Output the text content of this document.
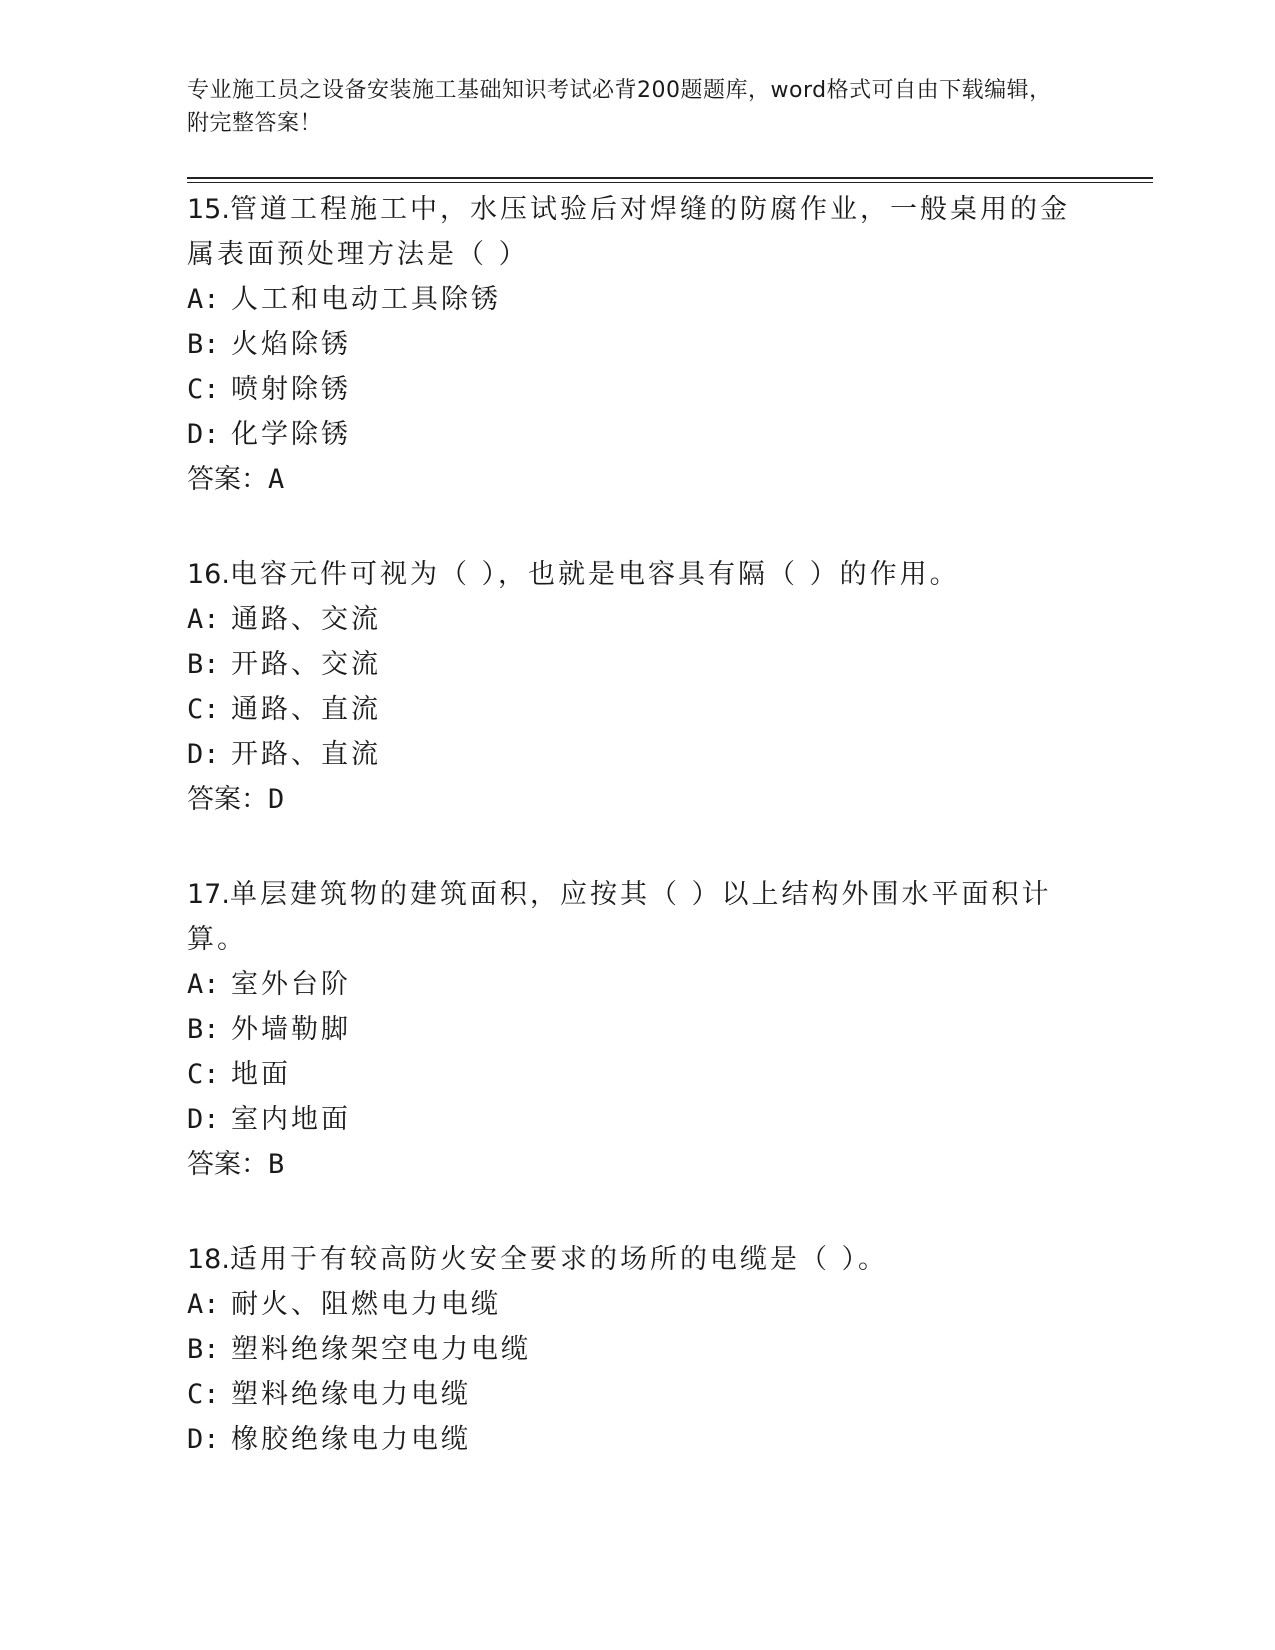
专业施工员之设备安装施工基础知识考试必背200题题库，word格式可自由下载编辑，附完整答案！

15.管道工程施工中，水压试验后对焊缝的防腐作业，一般桌用的金属表面预处理方法是（ ）

A: 人工和电动工具除锈

B: 火焰除锈

C: 喷射除锈

D: 化学除锈

答案：A

16.电容元件可视为（ ），也就是电容具有隔（ ）的作用。

A: 通路、交流

B: 开路、交流

C: 通路、直流

D: 开路、直流

答案：D

17.单层建筑物的建筑面积，应按其（ ）以上结构外围水平面积计算。

A: 室外台阶

B: 外墙勒脚

C: 地面

D: 室内地面

答案：B

18.适用于有较高防火安全要求的场所的电缆是（ ）。

A: 耐火、阻燃电力电缆

B: 塑料绝缘架空电力电缆

C: 塑料绝缘电力电缆

D: 橡胶绝缘电力电缆
